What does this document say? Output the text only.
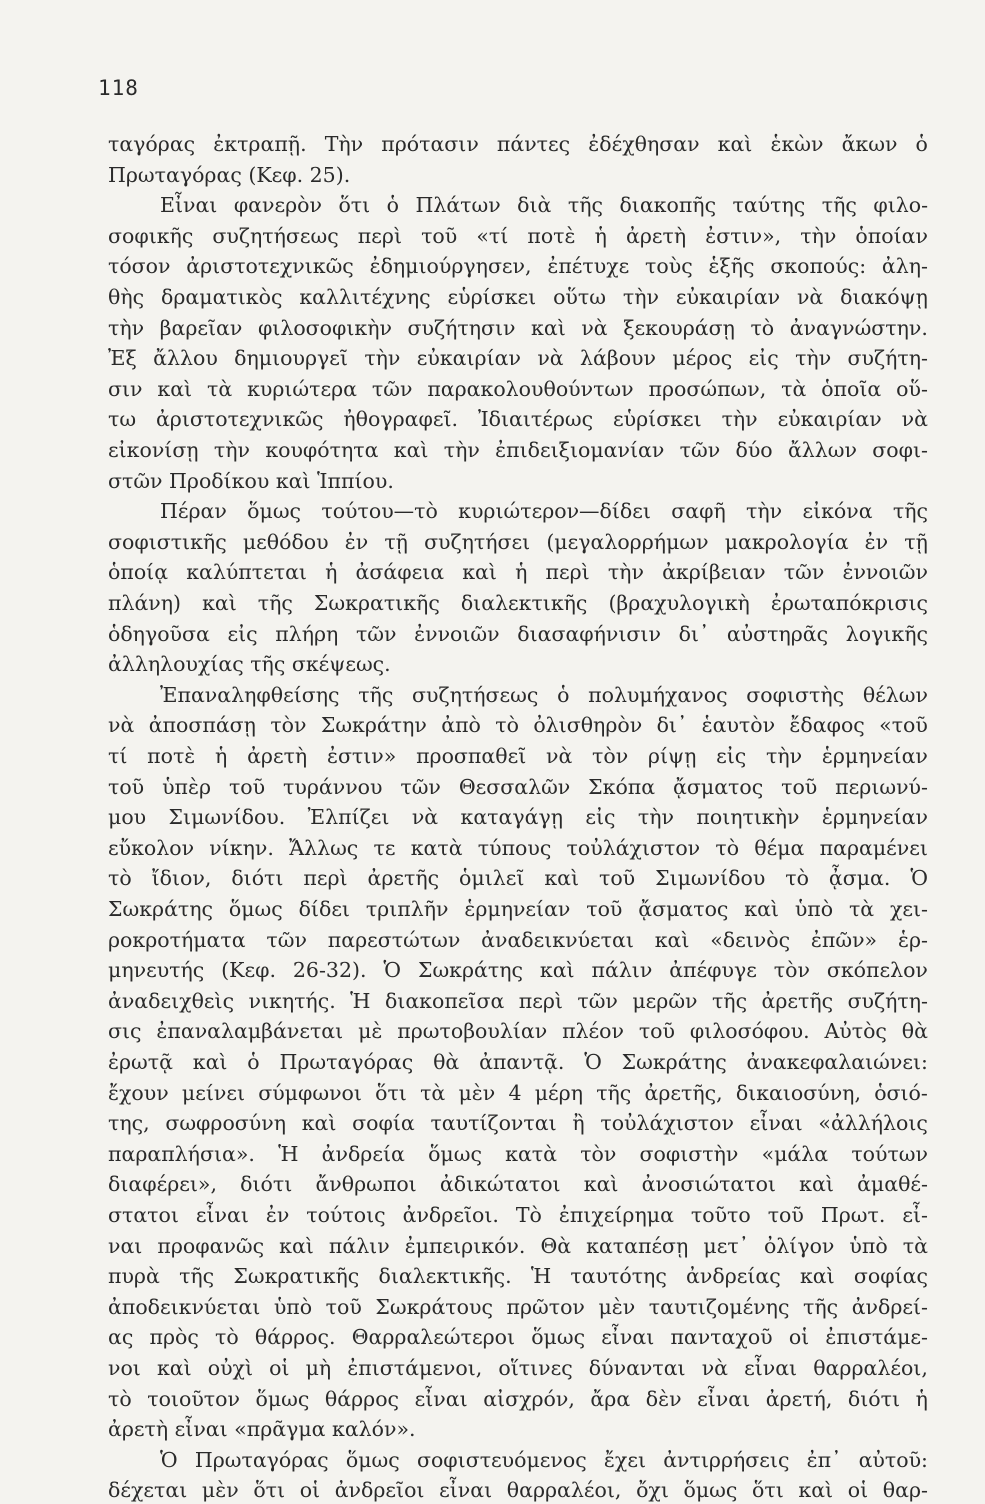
118
ταγόρας ἐκτραπῇ. Τὴν πρότασιν πάντες ἐδέχθησαν καὶ ἑκὼν ἄκων ὁ
Πρωταγόρας (Κεφ. 25).
Εἶναι φανερὸν ὅτι ὁ Πλάτων διὰ τῆς διακοπῆς ταύτης τῆς φιλο-
σοφικῆς συζητήσεως περὶ τοῦ «τί ποτὲ ἡ ἀρετὴ ἐστιν», τὴν ὁποίαν
τόσον ἀριστοτεχνικῶς ἐδημιούργησεν, ἐπέτυχε τοὺς ἑξῆς σκοπούς: ἀλη-
θὴς δραματικὸς καλλιτέχνης εὑρίσκει οὕτω τὴν εὐκαιρίαν νὰ διακόψῃ
τὴν βαρεῖαν φιλοσοφικὴν συζήτησιν καὶ νὰ ξεκουράσῃ τὸ ἀναγνώστην.
Ἐξ ἄλλου δημιουργεῖ τὴν εὐκαιρίαν νὰ λάβουν μέρος εἰς τὴν συζήτη-
σιν καὶ τὰ κυριώτερα τῶν παρακολουθούντων προσώπων, τὰ ὁποῖα οὕ-
τω ἀριστοτεχνικῶς ἠθογραφεῖ. Ἰδιαιτέρως εὑρίσκει τὴν εὐκαιρίαν νὰ
εἰκονίσῃ τὴν κουφότητα καὶ τὴν ἐπιδειξιομανίαν τῶν δύο ἄλλων σοφι-
στῶν Προδίκου καὶ Ἱππίου.
Πέραν ὅμως τούτου—τὸ κυριώτερον—δίδει σαφῆ τὴν εἰκόνα τῆς
σοφιστικῆς μεθόδου ἐν τῇ συζητήσει (μεγαλορρήμων μακρολογία ἐν τῇ
ὁποίᾳ καλύπτεται ἡ ἀσάφεια καὶ ἡ περὶ τὴν ἀκρίβειαν τῶν ἐννοιῶν
πλάνη) καὶ τῆς Σωκρατικῆς διαλεκτικῆς (βραχυλογικὴ ἐρωταπόκρισις
ὁδηγοῦσα εἰς πλήρη τῶν ἐννοιῶν διασαφήνισιν δι᾽ αὐστηρᾶς λογικῆς
ἀλληλουχίας τῆς σκέψεως.
Ἐπαναληφθείσης τῆς συζητήσεως ὁ πολυμήχανος σοφιστὴς θέλων
νὰ ἀποσπάσῃ τὸν Σωκράτην ἀπὸ τὸ ὀλισθηρὸν δι᾽ ἑαυτὸν ἔδαφος «τοῦ
τί ποτὲ ἡ ἀρετὴ ἐστιν» προσπαθεῖ νὰ τὸν ρίψῃ εἰς τὴν ἑρμηνείαν
τοῦ ὑπὲρ τοῦ τυράννου τῶν Θεσσαλῶν Σκόπα ᾄσματος τοῦ περιωνύ-
μου Σιμωνίδου. Ἐλπίζει νὰ καταγάγῃ εἰς τὴν ποιητικὴν ἑρμηνείαν
εὔκολον νίκην. Ἄλλως τε κατὰ τύπους τοὐλάχιστον τὸ θέμα παραμένει
τὸ ἴδιον, διότι περὶ ἀρετῆς ὁμιλεῖ καὶ τοῦ Σιμωνίδου τὸ ᾆσμα. Ὁ
Σωκράτης ὅμως δίδει τριπλῆν ἑρμηνείαν τοῦ ᾄσματος καὶ ὑπὸ τὰ χει-
ροκροτήματα τῶν παρεστώτων ἀναδεικνύεται καὶ «δεινὸς ἐπῶν» ἑρ-
μηνευτής (Κεφ. 26-32). Ὁ Σωκράτης καὶ πάλιν ἀπέφυγε τὸν σκόπελον
ἀναδειχθεὶς νικητής. Ἡ διακοπεῖσα περὶ τῶν μερῶν τῆς ἀρετῆς συζήτη-
σις ἐπαναλαμβάνεται μὲ πρωτοβουλίαν πλέον τοῦ φιλοσόφου. Αὐτὸς θὰ
ἐρωτᾷ καὶ ὁ Πρωταγόρας θὰ ἀπαντᾷ. Ὁ Σωκράτης ἀνακεφαλαιώνει:
ἔχουν μείνει σύμφωνοι ὅτι τὰ μὲν 4 μέρη τῆς ἀρετῆς, δικαιοσύνη, ὁσιό-
της, σωφροσύνη καὶ σοφία ταυτίζονται ἢ τοὐλάχιστον εἶναι «ἀλλήλοις
παραπλήσια». Ἡ ἀνδρεία ὅμως κατὰ τὸν σοφιστὴν «μάλα τούτων
διαφέρει», διότι ἄνθρωποι ἀδικώτατοι καὶ ἀνοσιώτατοι καὶ ἀμαθέ-
στατοι εἶναι ἐν τούτοις ἀνδρεῖοι. Τὸ ἐπιχείρημα τοῦτο τοῦ Πρωτ. εἶ-
ναι προφανῶς καὶ πάλιν ἐμπειρικόν. Θὰ καταπέσῃ μετ᾽ ὀλίγον ὑπὸ τὰ
πυρὰ τῆς Σωκρατικῆς διαλεκτικῆς. Ἡ ταυτότης ἀνδρείας καὶ σοφίας
ἀποδεικνύεται ὑπὸ τοῦ Σωκράτους πρῶτον μὲν ταυτιζομένης τῆς ἀνδρεί-
ας πρὸς τὸ θάρρος. Θαρραλεώτεροι ὅμως εἶναι πανταχοῦ οἱ ἐπιστάμε-
νοι καὶ οὐχὶ οἱ μὴ ἐπιστάμενοι, οἵτινες δύνανται νὰ εἶναι θαρραλέοι,
τὸ τοιοῦτον ὅμως θάρρος εἶναι αἰσχρόν, ἄρα δὲν εἶναι ἀρετή, διότι ἡ
ἀρετὴ εἶναι «πρᾶγμα καλόν».
Ὁ Πρωταγόρας ὅμως σοφιστευόμενος ἔχει ἀντιρρήσεις ἐπ᾽ αὐτοῦ:
δέχεται μὲν ὅτι οἱ ἀνδρεῖοι εἶναι θαρραλέοι, ὄχι ὅμως ὅτι καὶ οἱ θαρ-
